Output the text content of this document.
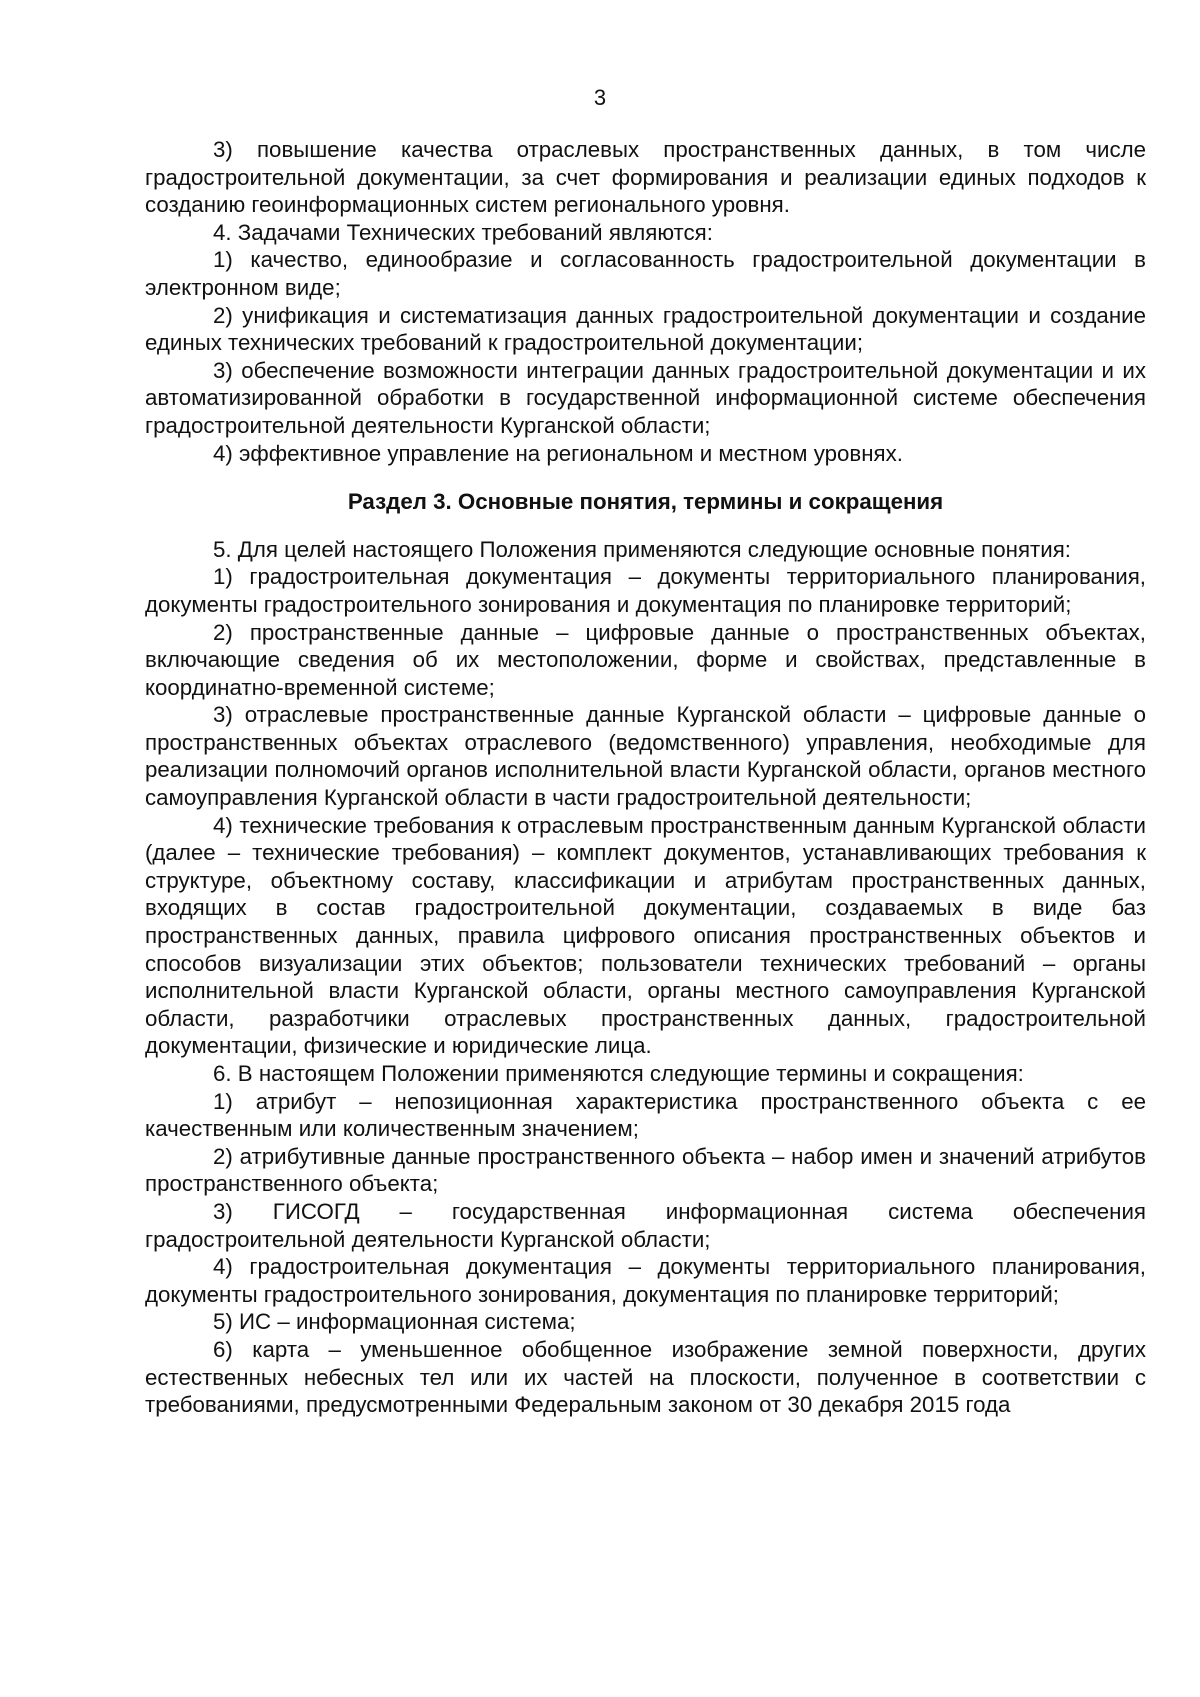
3

3) повышение качества отраслевых пространственных данных, в том числе градостроительной документации, за счет формирования и реализации единых подходов к созданию геоинформационных систем регионального уровня.

4. Задачами Технических требований являются:

1) качество, единообразие и согласованность градостроительной документации в электронном виде;

2) унификация и систематизация данных градостроительной документации и создание единых технических требований к градостроительной документации;

3) обеспечение возможности интеграции данных градостроительной документации и их автоматизированной обработки в государственной информационной системе обеспечения градостроительной деятельности Курганской области;

4) эффективное управление на региональном и местном уровнях.

Раздел 3. Основные понятия, термины и сокращения

5. Для целей настоящего Положения применяются следующие основные понятия:

1) градостроительная документация – документы территориального планирования, документы градостроительного зонирования и документация по планировке территорий;

2) пространственные данные – цифровые данные о пространственных объектах, включающие сведения об их местоположении, форме и свойствах, представленные в координатно-временной системе;

3) отраслевые пространственные данные Курганской области – цифровые данные о пространственных объектах отраслевого (ведомственного) управления, необходимые для реализации полномочий органов исполнительной власти Курганской области, органов местного самоуправления Курганской области в части градостроительной деятельности;

4) технические требования к отраслевым пространственным данным Курганской области (далее – технические требования) – комплект документов, устанавливающих требования к структуре, объектному составу, классификации и атрибутам пространственных данных, входящих в состав градостроительной документации, создаваемых в виде баз пространственных данных, правила цифрового описания пространственных объектов и способов визуализации этих объектов; пользователи технических требований – органы исполнительной власти Курганской области, органы местного самоуправления Курганской области, разработчики отраслевых пространственных данных, градостроительной документации, физические и юридические лица.

6. В настоящем Положении применяются следующие термины и сокращения:

1) атрибут – непозиционная характеристика пространственного объекта с ее качественным или количественным значением;

2) атрибутивные данные пространственного объекта – набор имен и значений атрибутов пространственного объекта;

3) ГИСОГД – государственная информационная система обеспечения градостроительной деятельности Курганской области;

4) градостроительная документация – документы территориального планирования, документы градостроительного зонирования, документация по планировке территорий;

5) ИС – информационная система;

6) карта – уменьшенное обобщенное изображение земной поверхности, других естественных небесных тел или их частей на плоскости, полученное в соответствии с требованиями, предусмотренными Федеральным законом от 30 декабря 2015 года
